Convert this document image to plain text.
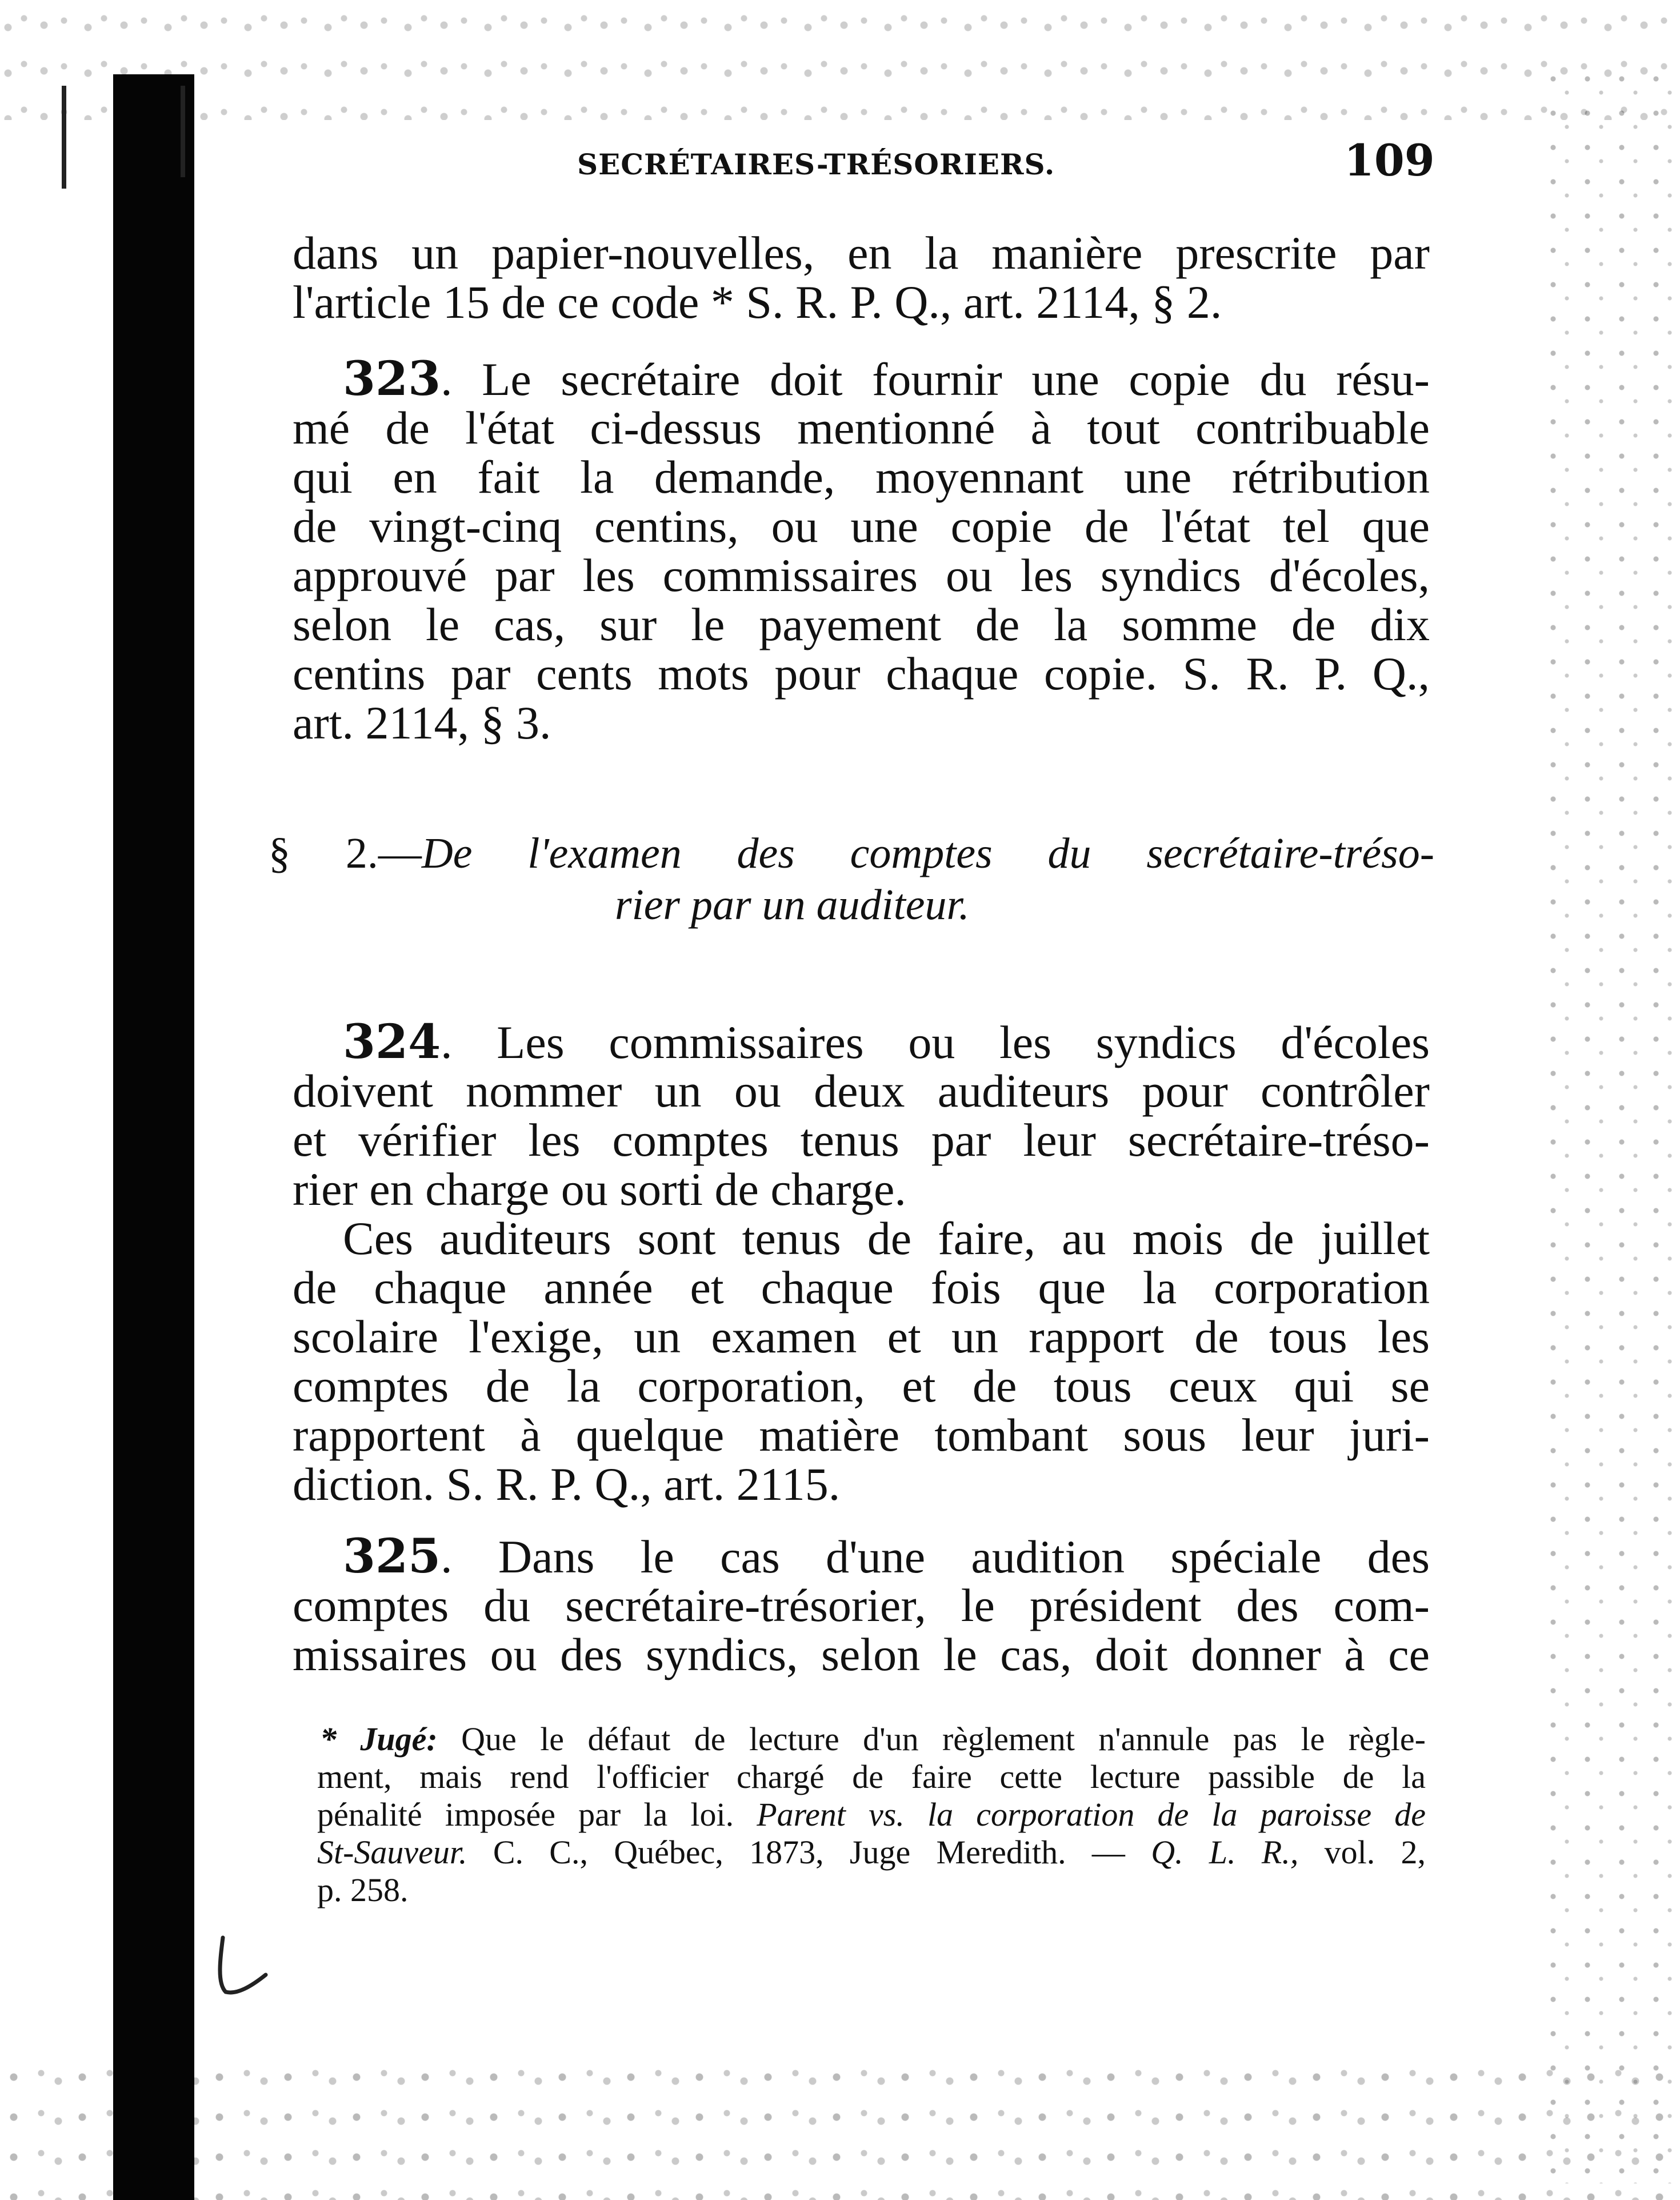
SECRÉTAIRES-TRÉSORIERS.	109
dans un papier-nouvelles, en la manière prescrite par
l'article 15 de ce code * S. R. P. Q., art. 2114, § 2.
323. Le secrétaire doit fournir une copie du résu-
mé de l'état ci-dessus mentionné à tout contribuable
qui en fait la demande, moyennant une rétribution
de vingt-cinq centins, ou une copie de l'état tel que
approuvé par les commissaires ou les syndics d'écoles,
selon le cas, sur le payement de la somme de dix
centins par cents mots pour chaque copie. S. R. P. Q.,
art. 2114, § 3.
§ 2.—De l'examen des comptes du secrétaire-tréso-
rier par un auditeur.
324. Les commissaires ou les syndics d'écoles
doivent nommer un ou deux auditeurs pour contrôler
et vérifier les comptes tenus par leur secrétaire-tréso-
rier en charge ou sorti de charge.
Ces auditeurs sont tenus de faire, au mois de juillet
de chaque année et chaque fois que la corporation
scolaire l'exige, un examen et un rapport de tous les
comptes de la corporation, et de tous ceux qui se
rapportent à quelque matière tombant sous leur juri-
diction. S. R. P. Q., art. 2115.
325. Dans le cas d'une audition spéciale des
comptes du secrétaire-trésorier, le président des com-
missaires ou des syndics, selon le cas, doit donner à ce
* Jugé: Que le défaut de lecture d'un règlement n'annule pas le règle-
ment, mais rend l'officier chargé de faire cette lecture passible de la
pénalité imposée par la loi. Parent vs. la corporation de la paroisse de
St-Sauveur. C. C., Québec, 1873, Juge Meredith. — Q. L. R., vol. 2,
p. 258.
